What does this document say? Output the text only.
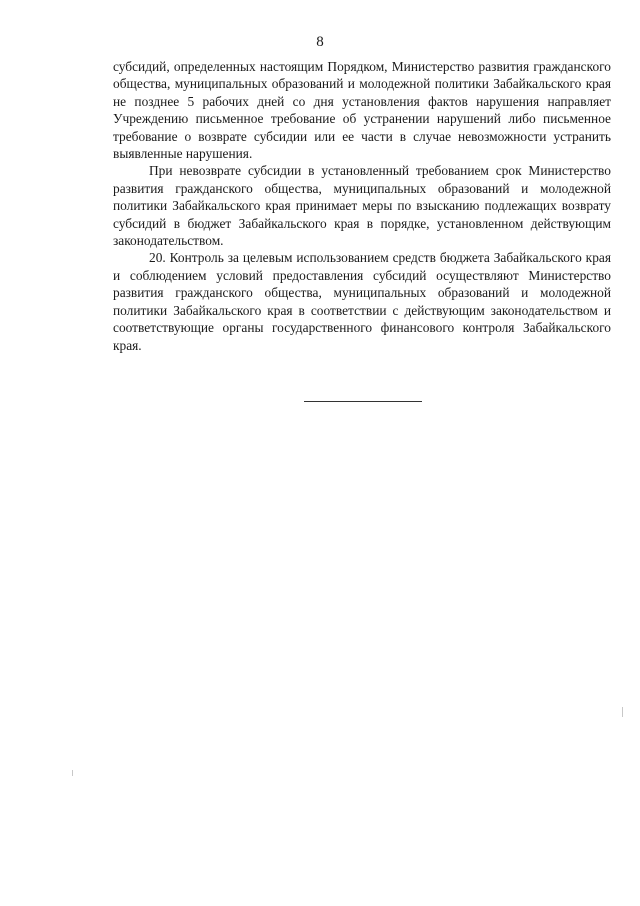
8

субсидий, определенных настоящим Порядком, Министерство развития гражданского общества, муниципальных образований и молодежной политики Забайкальского края не позднее 5 рабочих дней со дня установления фактов нарушения направляет Учреждению письменное требование об устранении нарушений либо письменное требование о возврате субсидии или ее части в случае невозможности устранить выявленные нарушения.

При невозврате субсидии в установленный требованием срок Министерство развития гражданского общества, муниципальных образований и молодежной политики Забайкальского края принимает меры по взысканию подлежащих возврату субсидий в бюджет Забайкальского края в порядке, установленном действующим законодательством.

20. Контроль за целевым использованием средств бюджета Забайкальского края и соблюдением условий предоставления субсидий осуществляют Министерство развития гражданского общества, муниципальных образований и молодежной политики Забайкальского края в соответствии с действующим законодательством и соответствующие органы государственного финансового контроля Забайкальского края.
